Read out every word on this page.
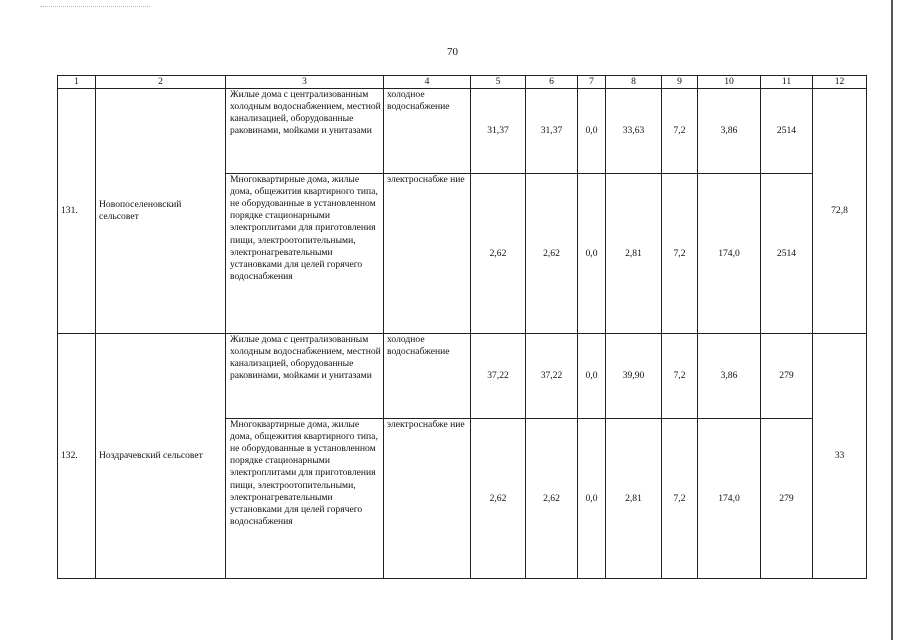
70
1	2	3	4	5	6	7	8	9	10	11	12
131.	Новопоселеновский сельсовет	Жилые дома с централизованным холодным водоснабжением, местной канализацией, оборудованные раковинами, мойками и унитазами	холодное водоснабжение	31,37	31,37	0,0	33,63	7,2	3,86	2514	72,8
		Многоквартирные дома, жилые дома, общежития квартирного типа, не оборудованные в установленном порядке стационарными электроплитами для приготовления пищи, электроотопительными, электронагревательными установками для целей горячего водоснабжения	электроснабже ние	2,62	2,62	0,0	2,81	7,2	174,0	2514	
132.	Ноздрачевский сельсовет	Жилые дома с централизованным холодным водоснабжением, местной канализацией, оборудованные раковинами, мойками и унитазами	холодное водоснабжение	37,22	37,22	0,0	39,90	7,2	3,86	279	33
		Многоквартирные дома, жилые дома, общежития квартирного типа, не оборудованные в установленном порядке стационарными электроплитами для приготовления пищи, электроотопительными, электронагревательными установками для целей горячего водоснабжения	электроснабже ние	2,62	2,62	0,0	2,81	7,2	174,0	279	
